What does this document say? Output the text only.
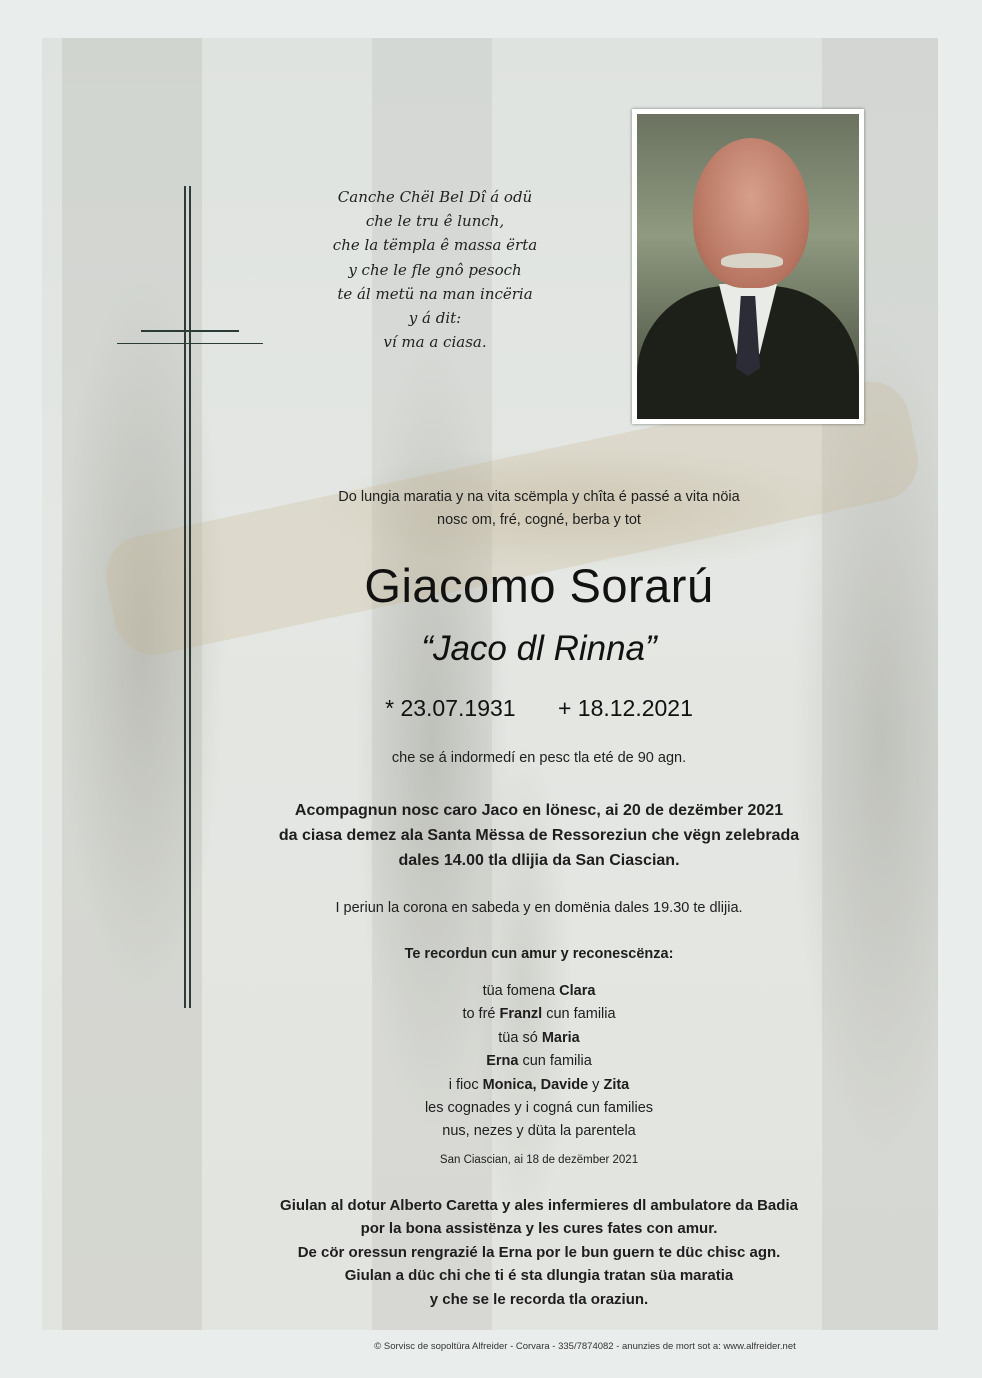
Canche Chël Bel Dî á odü
che le tru ê lunch,
che la tëmpla ê massa ërta
y che le fle gnô pesoch
te ál metü na man incëria
y á dit:
ví ma a ciasa.
Do lungia maratia y na vita scëmpla y chîta é passé a vita nöia
nosc om, fré, cogné, berba y tot
Giacomo Sorarú
“Jaco dl Rinna”
* 23.07.1931 + 18.12.2021
che se á indormedí en pesc tla eté de 90 agn.
Acompagnun nosc caro Jaco en lönesc, ai 20 de dezëmber 2021
da ciasa demez ala Santa Mëssa de Ressoreziun che vëgn zelebrada
dales 14.00 tla dlijia da San Ciascian.
I periun la corona en sabeda y en domënia dales 19.30 te dlijia.
Te recordun cun amur y reconescënza:
tüa fomena Clara
to fré Franzl cun familia
tüa só Maria
Erna cun familia
i fioc Monica, Davide y Zita
les cognades y i cogná cun families
nus, nezes y düta la parentela
San Ciascian, ai 18 de dezëmber 2021
Giulan al dotur Alberto Caretta y ales infermieres dl ambulatore da Badia
por la bona assistënza y les cures fates con amur.
De cör oressun rengrazié la Erna por le bun guern te düc chisc agn.
Giulan a düc chi che ti é sta dlungia tratan süa maratia
y che se le recorda tla oraziun.
© Sorvisc de sopoltüra Alfreider - Corvara - 335/7874082 - anunzies de mort sot a: www.alfreider.net
